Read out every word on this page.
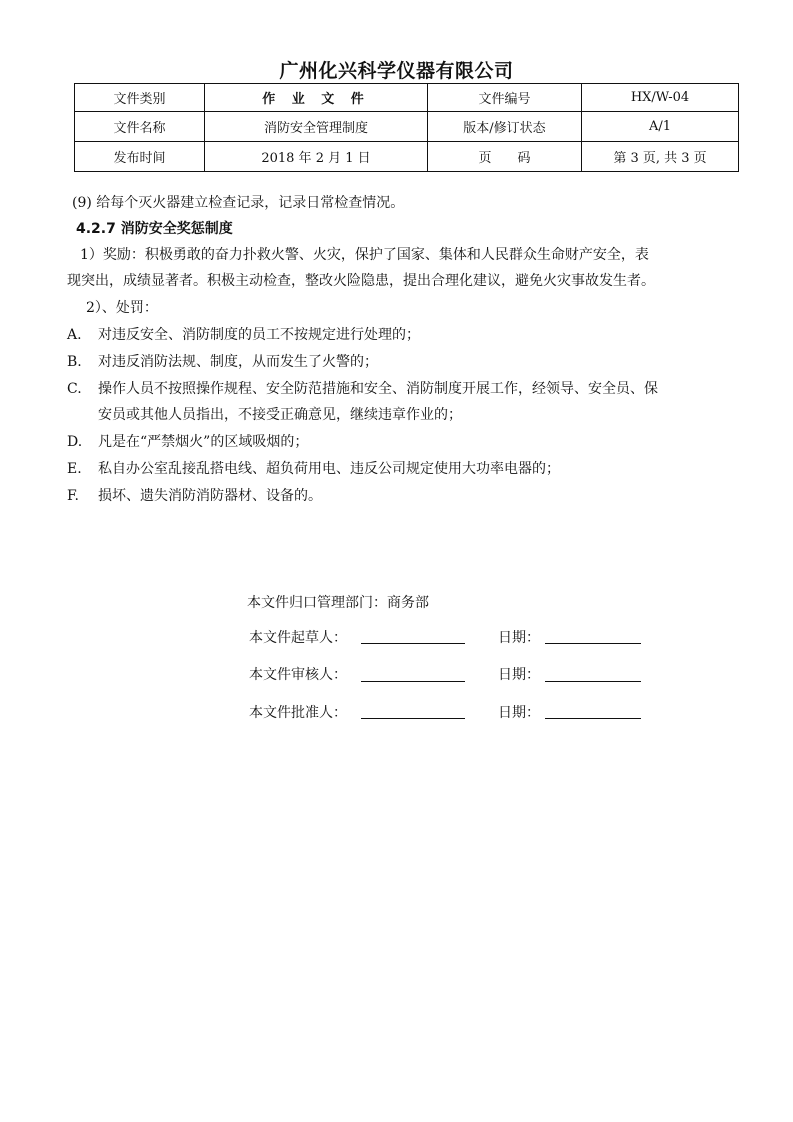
广州化兴科学仪器有限公司
文件类别	作 业 文 件	文件编号	HX/W-04
文件名称	消防安全管理制度	版本/修订状态	A/1
发布时间	2018 年 2 月 1 日	页　　码	第 3 页, 共 3 页
(9) 给每个灭火器建立检查记录，记录日常检查情况。
4.2.7 消防安全奖惩制度
1）奖励：积极勇敢的奋力扑救火警、火灾，保护了国家、集体和人民群众生命财产安全，表
现突出，成绩显著者。积极主动检查，整改火险隐患，提出合理化建议，避免火灾事故发生者。
2）、处罚：
A. 对违反安全、消防制度的员工不按规定进行处理的；
B. 对违反消防法规、制度，从而发生了火警的；
C. 操作人员不按照操作规程、安全防范措施和安全、消防制度开展工作，经领导、安全员、保
安员或其他人员指出，不接受正确意见，继续违章作业的；
D. 凡是在“严禁烟火”的区域吸烟的；
E. 私自办公室乱接乱搭电线、超负荷用电、违反公司规定使用大功率电器的；
F. 损坏、遗失消防消防器材、设备的。
本文件归口管理部门：商务部
本文件起草人：	日期：
本文件审核人：	日期：
本文件批准人：	日期：
